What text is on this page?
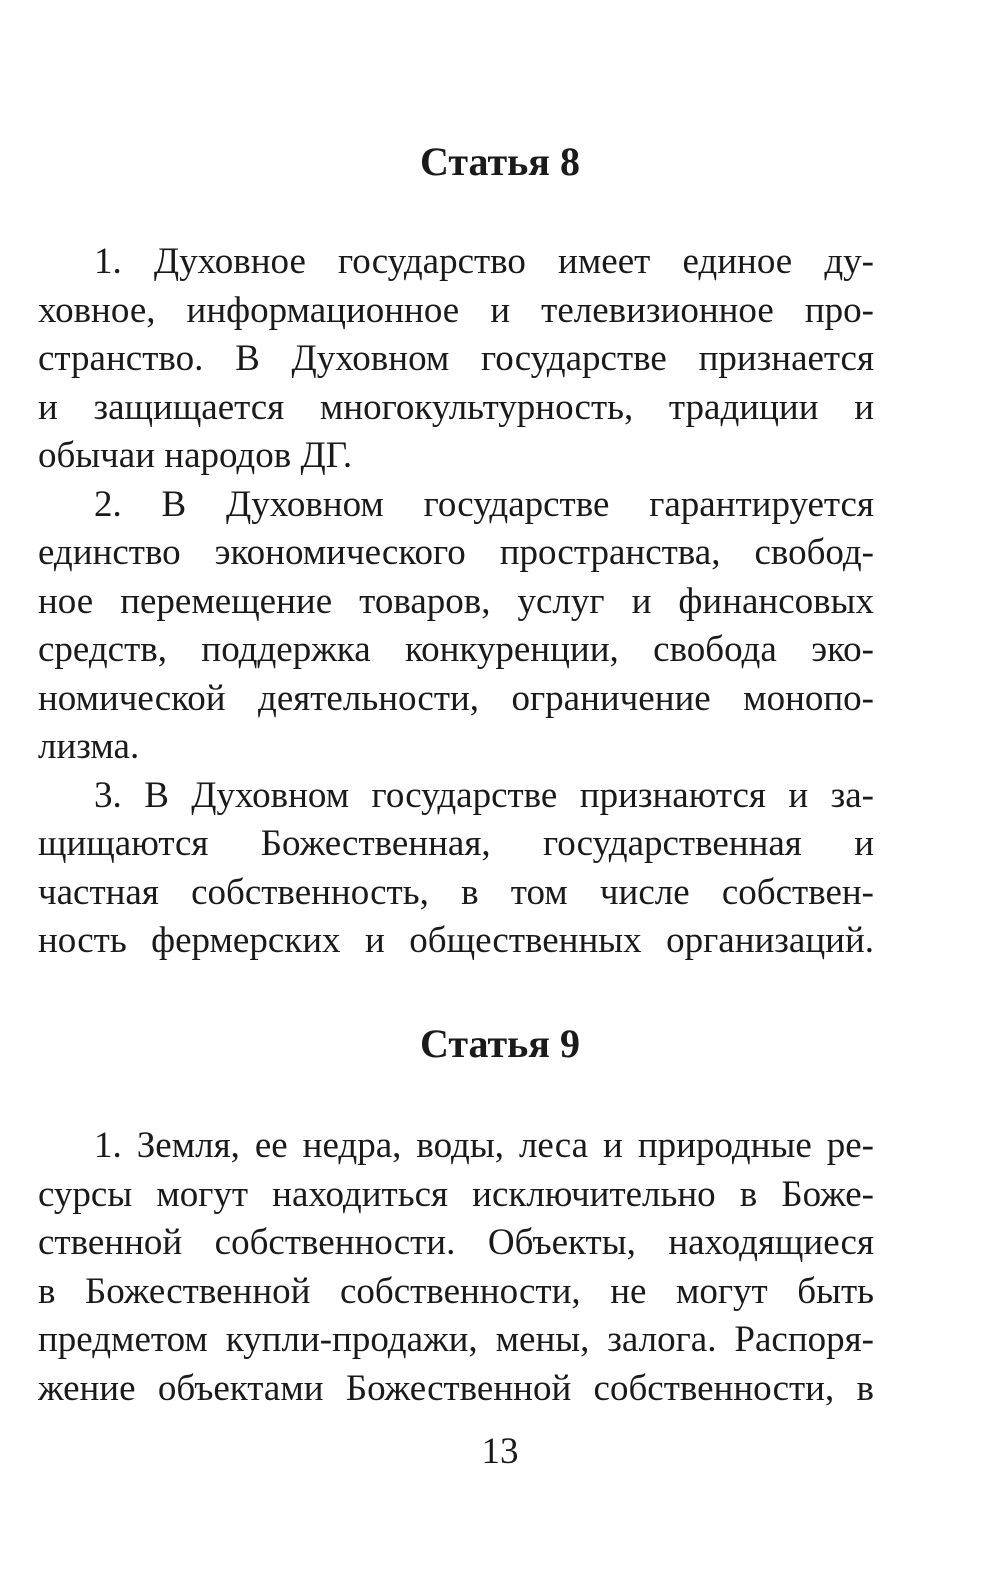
Статья 8
1. Духовное государство имеет единое ду-
ховное, информационное и телевизионное про-
странство. В Духовном государстве признается
и защищается многокультурность, традиции и
обычаи народов ДГ.
2. В Духовном государстве гарантируется
единство экономического пространства, свобод-
ное перемещение товаров, услуг и финансовых
средств, поддержка конкуренции, свобода эко-
номической деятельности, ограничение монопо-
лизма.
3. В Духовном государстве признаются и за-
щищаются Божественная, государственная и
частная собственность, в том числе собствен-
ность фермерских и общественных организаций.
Статья 9
1. Земля, ее недра, воды, леса и природные ре-
сурсы могут находиться исключительно в Боже-
ственной собственности. Объекты, находящиеся
в Божественной собственности, не могут быть
предметом купли-продажи, мены, залога. Распоря-
жение объектами Божественной собственности, в
13
